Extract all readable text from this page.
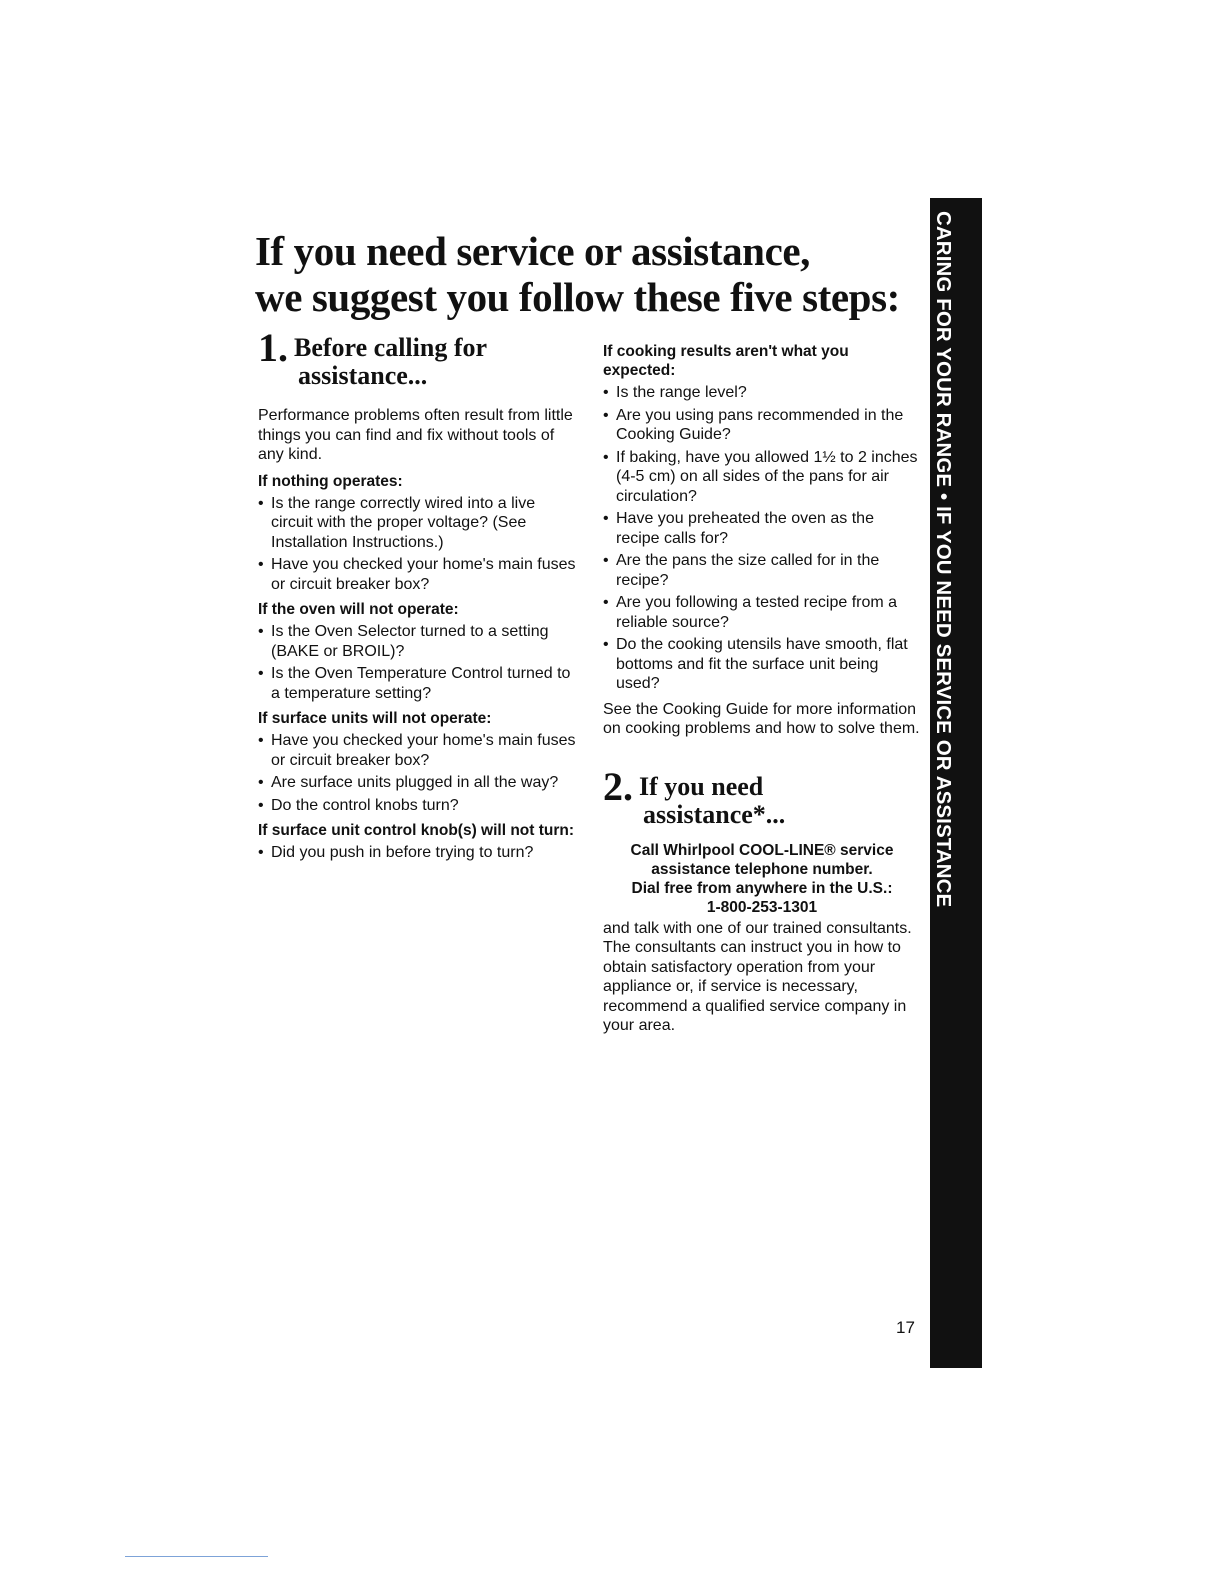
If you need service or assistance,
we suggest you follow these five steps:
1. Before calling for
assistance...

Performance problems often result from little things you can find and fix without tools of any kind.

If nothing operates:

• Is the range correctly wired into a live circuit with the proper voltage? (See Installation Instructions.)
• Have you checked your home's main fuses or circuit breaker box?

If the oven will not operate:

• Is the Oven Selector turned to a setting (BAKE or BROIL)?
• Is the Oven Temperature Control turned to a temperature setting?

If surface units will not operate:

• Have you checked your home's main fuses or circuit breaker box?
• Are surface units plugged in all the way?
• Do the control knobs turn?

If surface unit control knob(s) will not turn:

• Did you push in before trying to turn?

If cooking results aren't what you expected:

• Is the range level?
• Are you using pans recommended in the Cooking Guide?
• If baking, have you allowed 1½ to 2 inches (4-5 cm) on all sides of the pans for air circulation?
• Have you preheated the oven as the recipe calls for?
• Are the pans the size called for in the recipe?
• Are you following a tested recipe from a reliable source?
• Do the cooking utensils have smooth, flat bottoms and fit the surface unit being used?

See the Cooking Guide for more information on cooking problems and how to solve them.

2. If you need
assistance*...
Call Whirlpool COOL-LINE® service assistance telephone number.
Dial free from anywhere in the U.S.:
1-800-253-1301

and talk with one of our trained consultants. The consultants can instruct you in how to obtain satisfactory operation from your appliance or, if service is necessary, recommend a qualified service company in your area.

CARING FOR YOUR RANGE • IF YOU NEED SERVICE OR ASSISTANCE
17
